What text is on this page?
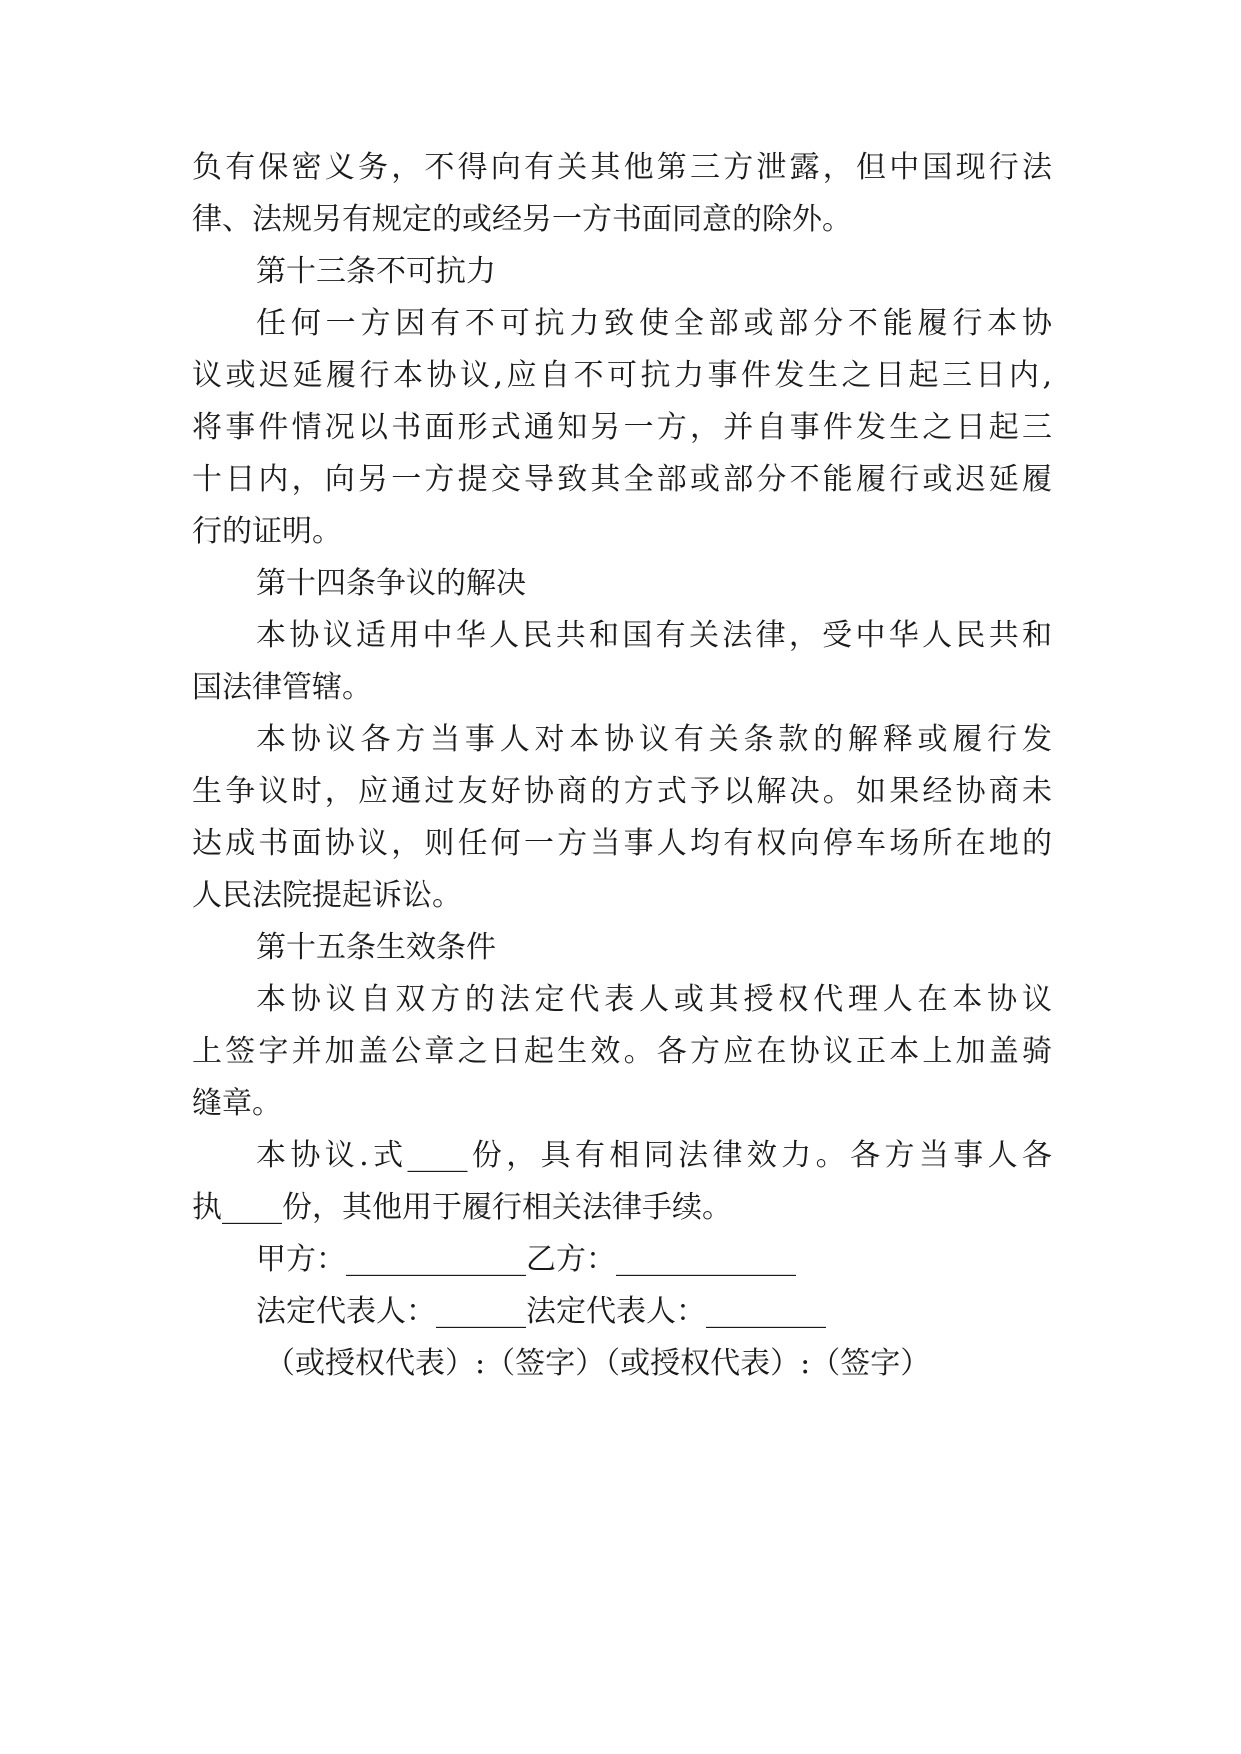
负有保密义务，不得向有关其他第三方泄露，但中国现行法
律、法规另有规定的或经另一方书面同意的除外。
第十三条不可抗力
任何一方因有不可抗力致使全部或部分不能履行本协
议或迟延履行本协议,应自不可抗力事件发生之日起三日内,
将事件情况以书面形式通知另一方，并自事件发生之日起三
十日内，向另一方提交导致其全部或部分不能履行或迟延履
行的证明。
第十四条争议的解决
本协议适用中华人民共和国有关法律，受中华人民共和
国法律管辖。
本协议各方当事人对本协议有关条款的解释或履行发
生争议时，应通过友好协商的方式予以解决。如果经协商未
达成书面协议，则任何一方当事人均有权向停车场所在地的
人民法院提起诉讼。
第十五条生效条件
本协议自双方的法定代表人或其授权代理人在本协议
上签字并加盖公章之日起生效。各方应在协议正本上加盖骑
缝章。
本协议.式____份，具有相同法律效力。各方当事人各
执____份，其他用于履行相关法律手续。
甲方：____________乙方：____________
法定代表人：______法定代表人：________
（或授权代表）:（签字）（或授权代表）:（签字）
